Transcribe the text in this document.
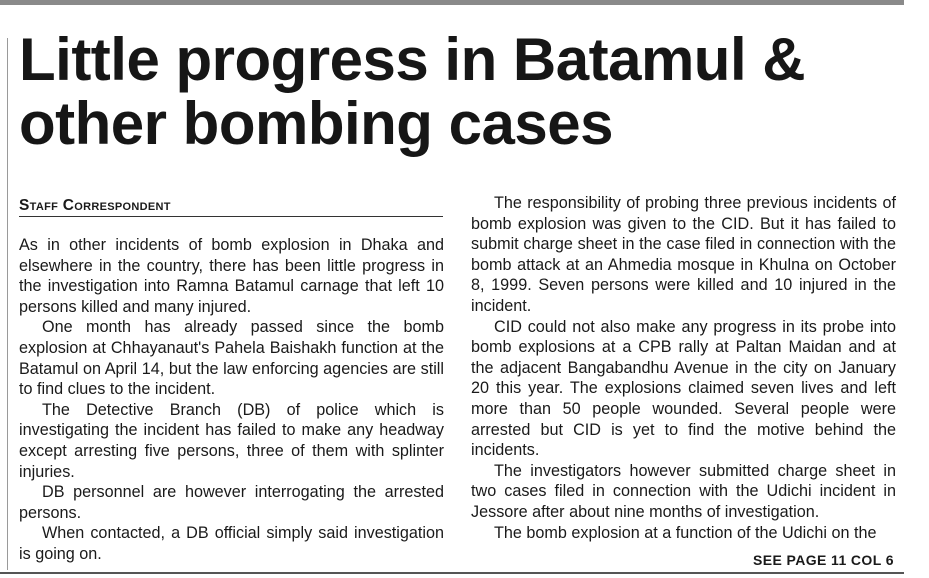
Little progress in Batamul & other bombing cases
Staff Correspondent

As in other incidents of bomb explosion in Dhaka and elsewhere in the country, there has been little progress in the investigation into Ramna Batamul carnage that left 10 persons killed and many injured.

One month has already passed since the bomb explosion at Chhayanaut's Pahela Baishakh function at the Batamul on April 14, but the law enforcing agencies are still to find clues to the incident.

The Detective Branch (DB) of police which is investigating the incident has failed to make any headway except arresting five persons, three of them with splinter injuries.

DB personnel are however interrogating the arrested persons.

When contacted, a DB official simply said investigation is going on.

The responsibility of probing three previous incidents of bomb explosion was given to the CID. But it has failed to submit charge sheet in the case filed in connection with the bomb attack at an Ahmedia mosque in Khulna on October 8, 1999. Seven persons were killed and 10 injured in the incident.

CID could not also make any progress in its probe into bomb explosions at a CPB rally at Paltan Maidan and at the adjacent Bangabandhu Avenue in the city on January 20 this year. The explosions claimed seven lives and left more than 50 people wounded. Several people were arrested but CID is yet to find the motive behind the incidents.

The investigators however submitted charge sheet in two cases filed in connection with the Udichi incident in Jessore after about nine months of investigation.

The bomb explosion at a function of the Udichi on the

SEE PAGE 11 COL 6
